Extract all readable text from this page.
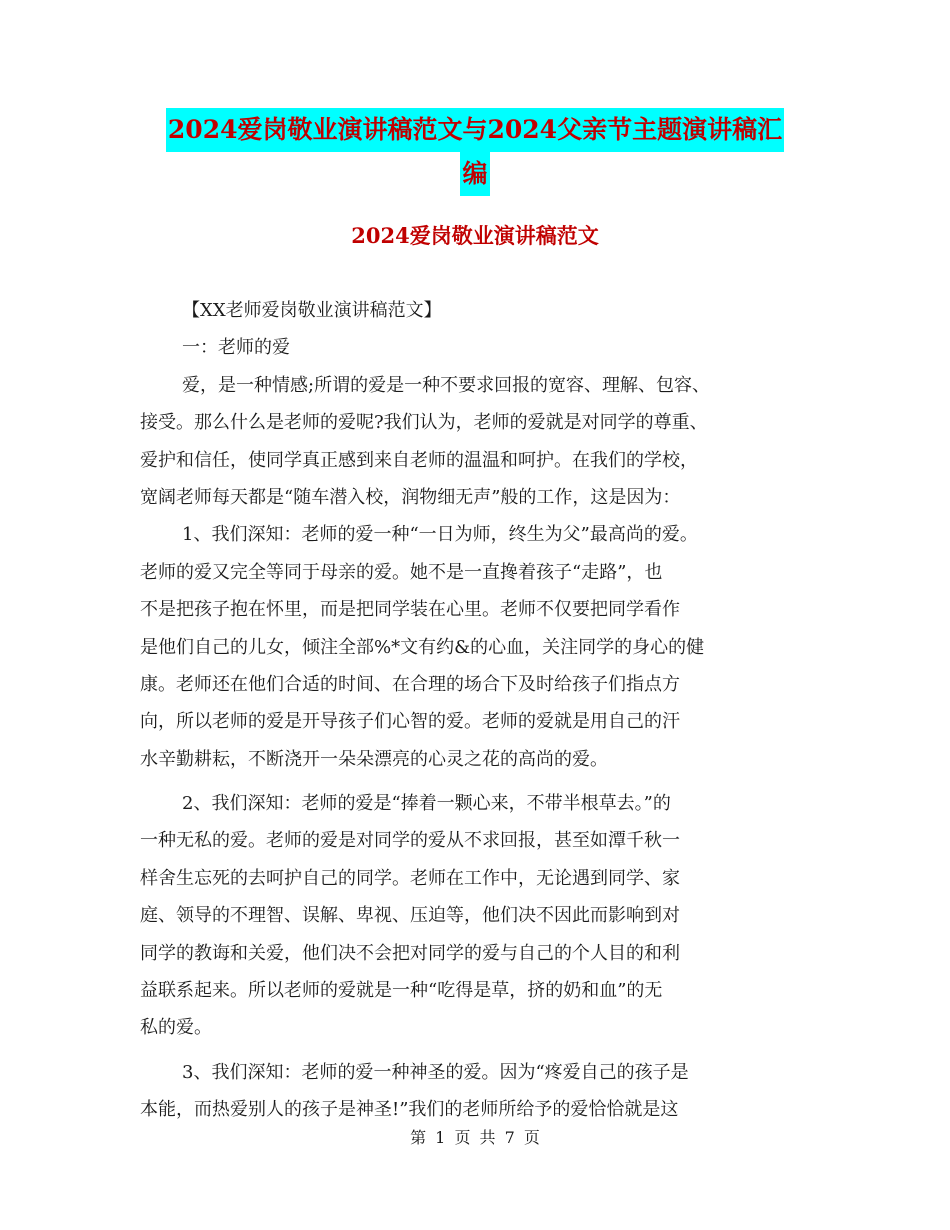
2024爱岗敬业演讲稿范文与2024父亲节主题演讲稿汇
编
2024爱岗敬业演讲稿范文
【XX老师爱岗敬业演讲稿范文】
一：老师的爱
爱，是一种情感;所谓的爱是一种不要求回报的宽容、理解、包容、
接受。那么什么是老师的爱呢?我们认为，老师的爱就是对同学的尊重、
爱护和信任，使同学真正感到来自老师的温温和呵护。在我们的学校，
宽阔老师每天都是“随车潜入校，润物细无声”般的工作，这是因为：
1、我们深知：老师的爱一种“一日为师，终生为父”最高尚的爱。
老师的爱又完全等同于母亲的爱。她不是一直搀着孩子“走路”，也
不是把孩子抱在怀里，而是把同学装在心里。老师不仅要把同学看作
是他们自己的儿女，倾注全部%*文有约&的心血，关注同学的身心的健
康。老师还在他们合适的时间、在合理的场合下及时给孩子们指点方
向，所以老师的爱是开导孩子们心智的爱。老师的爱就是用自己的汗
水辛勤耕耘，不断浇开一朵朵漂亮的心灵之花的高尚的爱。
2、我们深知：老师的爱是“捧着一颗心来，不带半根草去。”的
一种无私的爱。老师的爱是对同学的爱从不求回报，甚至如潭千秋一
样舍生忘死的去呵护自己的同学。老师在工作中，无论遇到同学、家
庭、领导的不理智、误解、卑视、压迫等，他们决不因此而影响到对
同学的教诲和关爱，他们决不会把对同学的爱与自己的个人目的和利
益联系起来。所以老师的爱就是一种“吃得是草，挤的奶和血”的无
私的爱。
3、我们深知：老师的爱一种神圣的爱。因为“疼爱自己的孩子是
本能，而热爱别人的孩子是神圣!”我们的老师所给予的爱恰恰就是这
第 1 页 共 7 页
